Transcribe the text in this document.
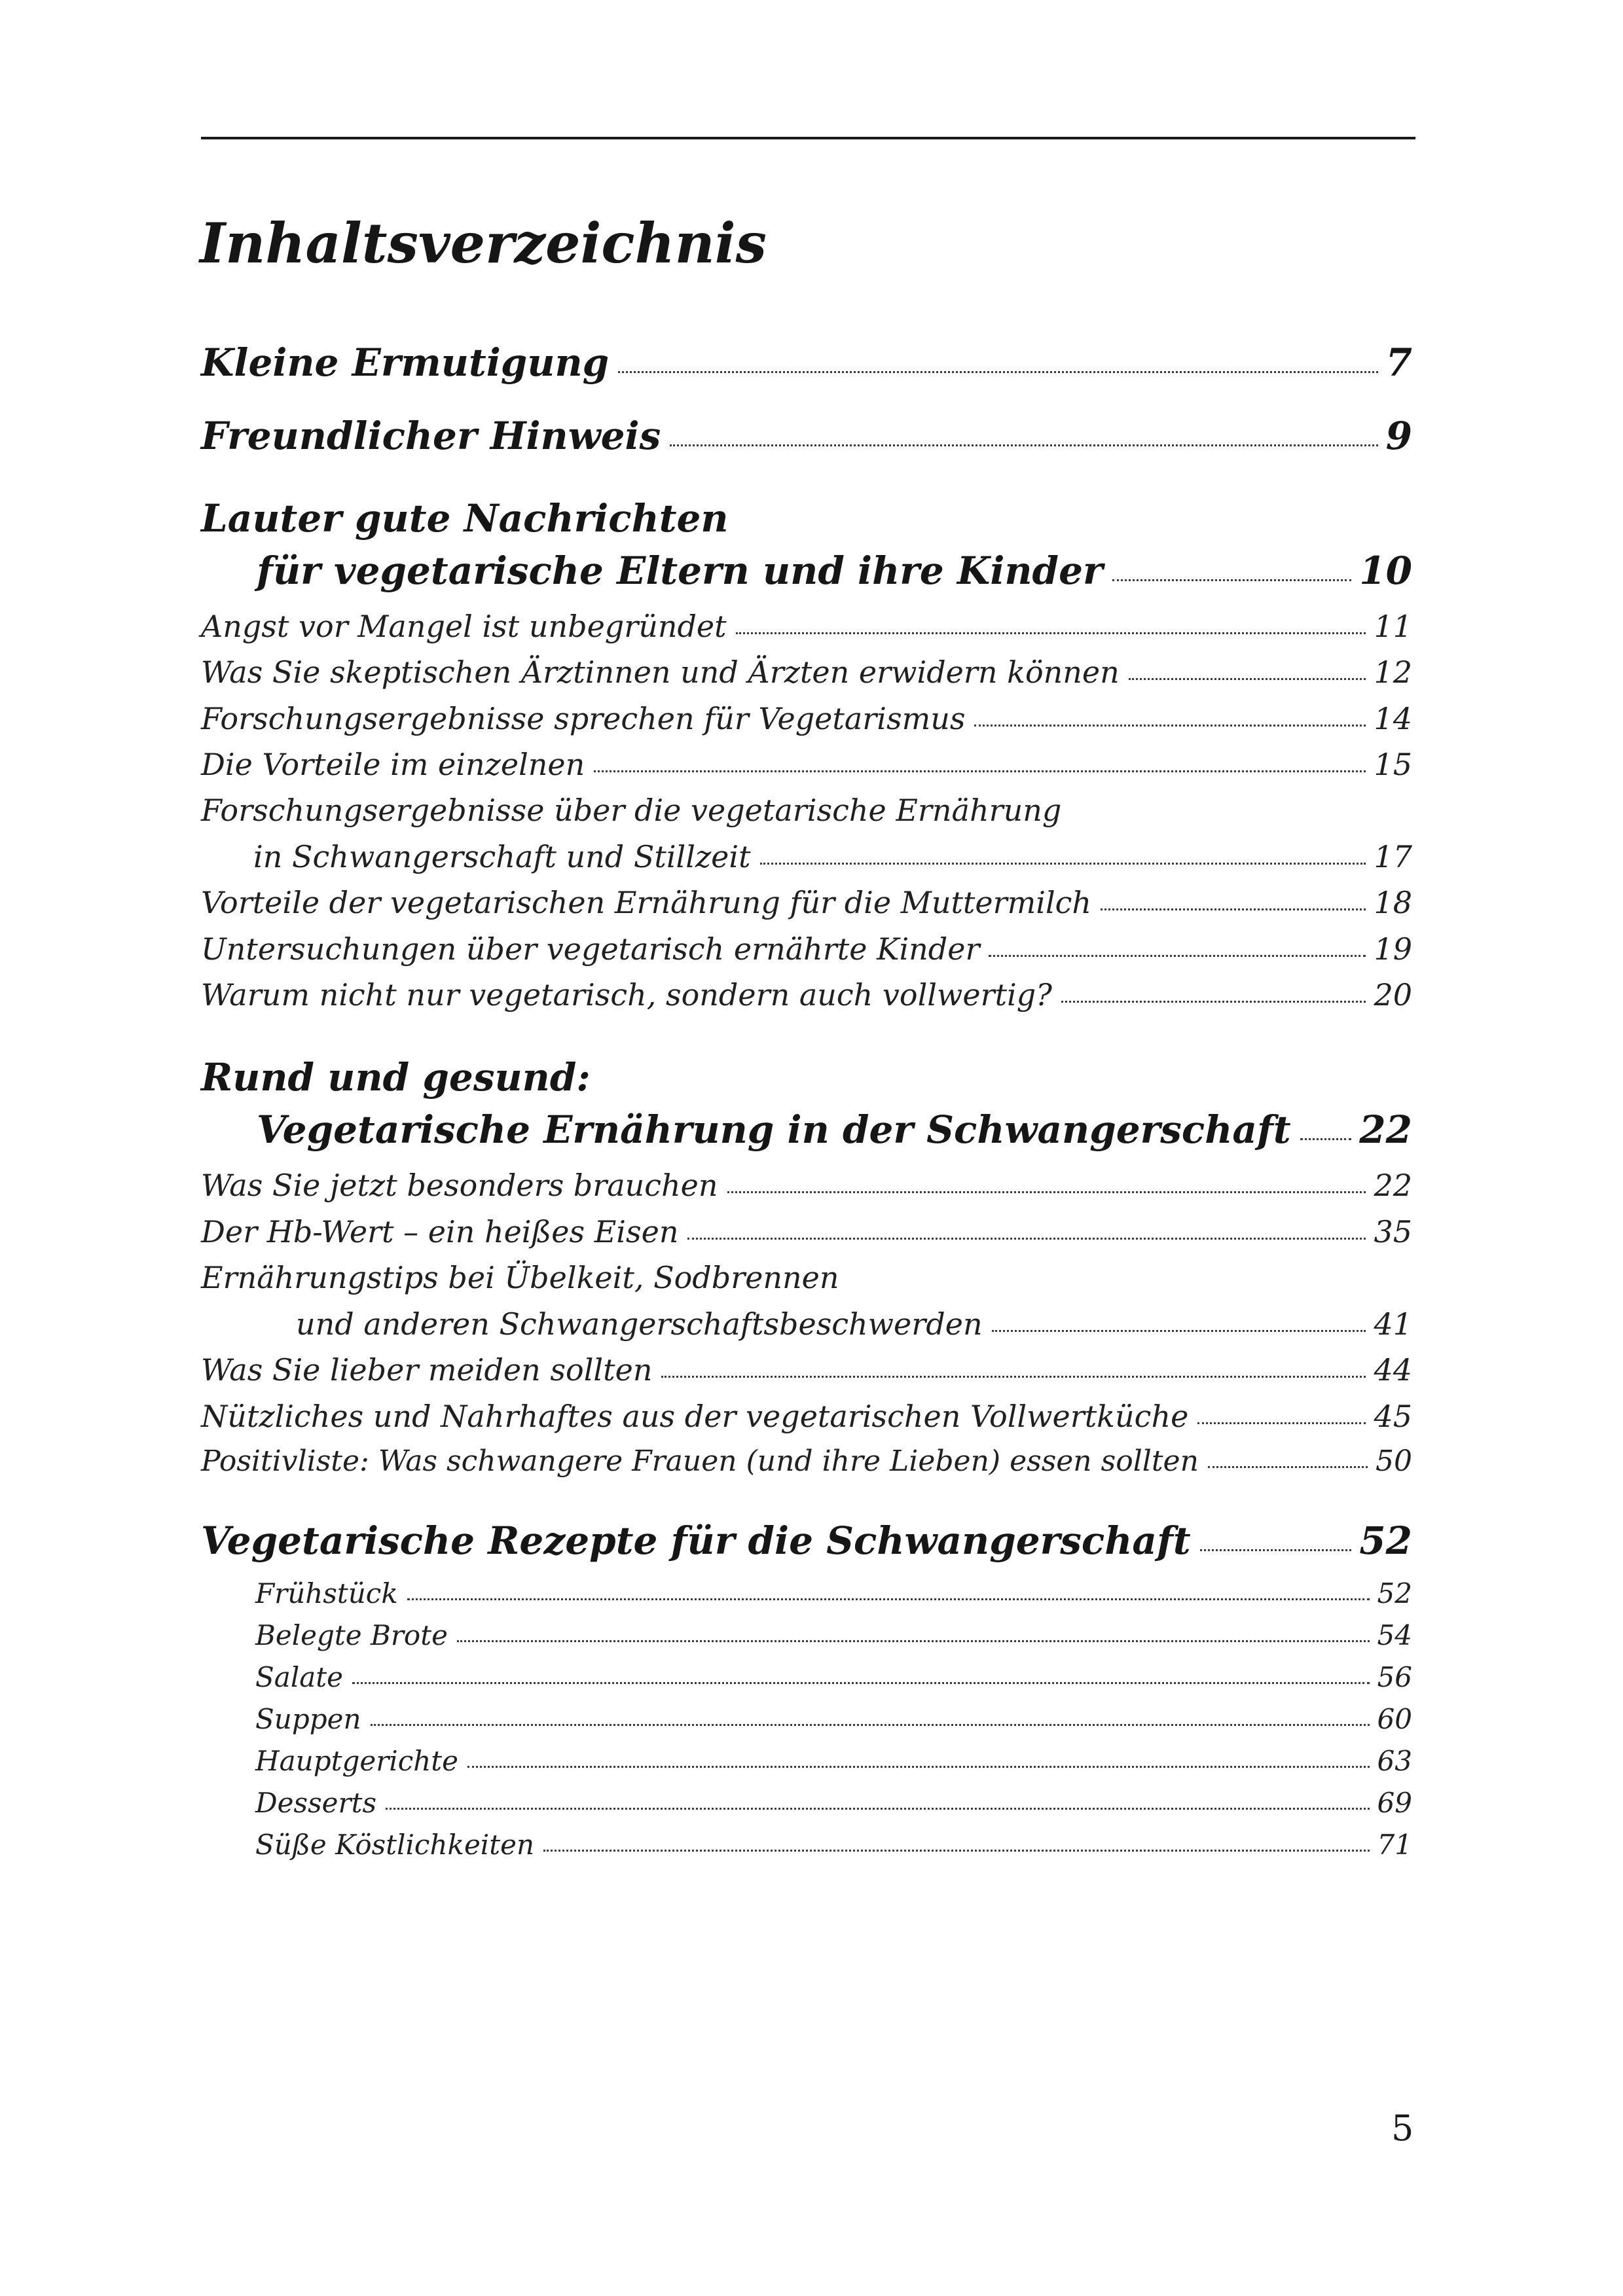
Inhaltsverzeichnis
Kleine Ermutigung	7
Freundlicher Hinweis	9
Lauter gute Nachrichten
für vegetarische Eltern und ihre Kinder	10
Angst vor Mangel ist unbegründet	11
Was Sie skeptischen Ärztinnen und Ärzten erwidern können	12
Forschungsergebnisse sprechen für Vegetarismus	14
Die Vorteile im einzelnen	15
Forschungsergebnisse über die vegetarische Ernährung
in Schwangerschaft und Stillzeit	17
Vorteile der vegetarischen Ernährung für die Muttermilch	18
Untersuchungen über vegetarisch ernährte Kinder	19
Warum nicht nur vegetarisch, sondern auch vollwertig?	20
Rund und gesund:
Vegetarische Ernährung in der Schwangerschaft 22
Was Sie jetzt besonders brauchen	22
Der Hb-Wert – ein heißes Eisen	35
Ernährungstips bei Übelkeit, Sodbrennen
und anderen Schwangerschaftsbeschwerden	41
Was Sie lieber meiden sollten	44
Nützliches und Nahrhaftes aus der vegetarischen Vollwertküche	45
Positivliste: Was schwangere Frauen (und ihre Lieben) essen sollten	50
Vegetarische Rezepte für die Schwangerschaft	52
Frühstück	52
Belegte Brote	54
Salate	56
Suppen	60
Hauptgerichte	63
Desserts	69
Süße Köstlichkeiten	71
5
